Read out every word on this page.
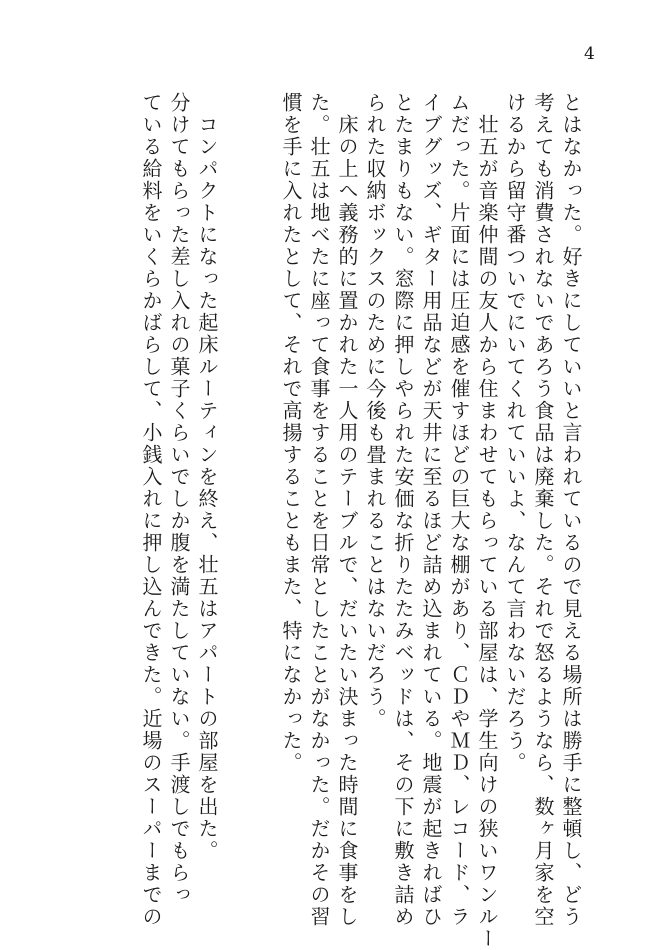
4
とはなかった。好きにしていいと言われているので見える場所は勝手に整頓し、どう
考えても消費されないであろう食品は廃棄した。それで怒るようなら、数ヶ月家を空
けるから留守番ついでにいてくれていいよ、なんて言わないだろう。
　壮五が音楽仲間の友人から住まわせてもらっている部屋は、学生向けの狭いワンルー
ムだった。片面には圧迫感を催すほどの巨大な棚があり、ＣＤやＭＤ、レコード、ラ
イブグッズ、ギター用品などが天井に至るほど詰め込まれている。地震が起きればひ
とたまりもない。窓際に押しやられた安価な折りたたみベッドは、その下に敷き詰め
られた収納ボックスのために今後も畳まれることはないだろう。
　床の上へ義務的に置かれた一人用のテーブルで、だいたい決まった時間に食事をし
た。壮五は地べたに座って食事をすることを日常としたことがなかった。だかその習
慣を手に入れたとして、それで高揚することもまた、特になかった。
　コンパクトになった起床ルーティンを終え、壮五はアパートの部屋を出た。
分けてもらった差し入れの菓子くらいでしか腹を満たしていない。手渡しでもらっ
ている給料をいくらかばらして、小銭入れに押し込んできた。近場のスーパーまでの
